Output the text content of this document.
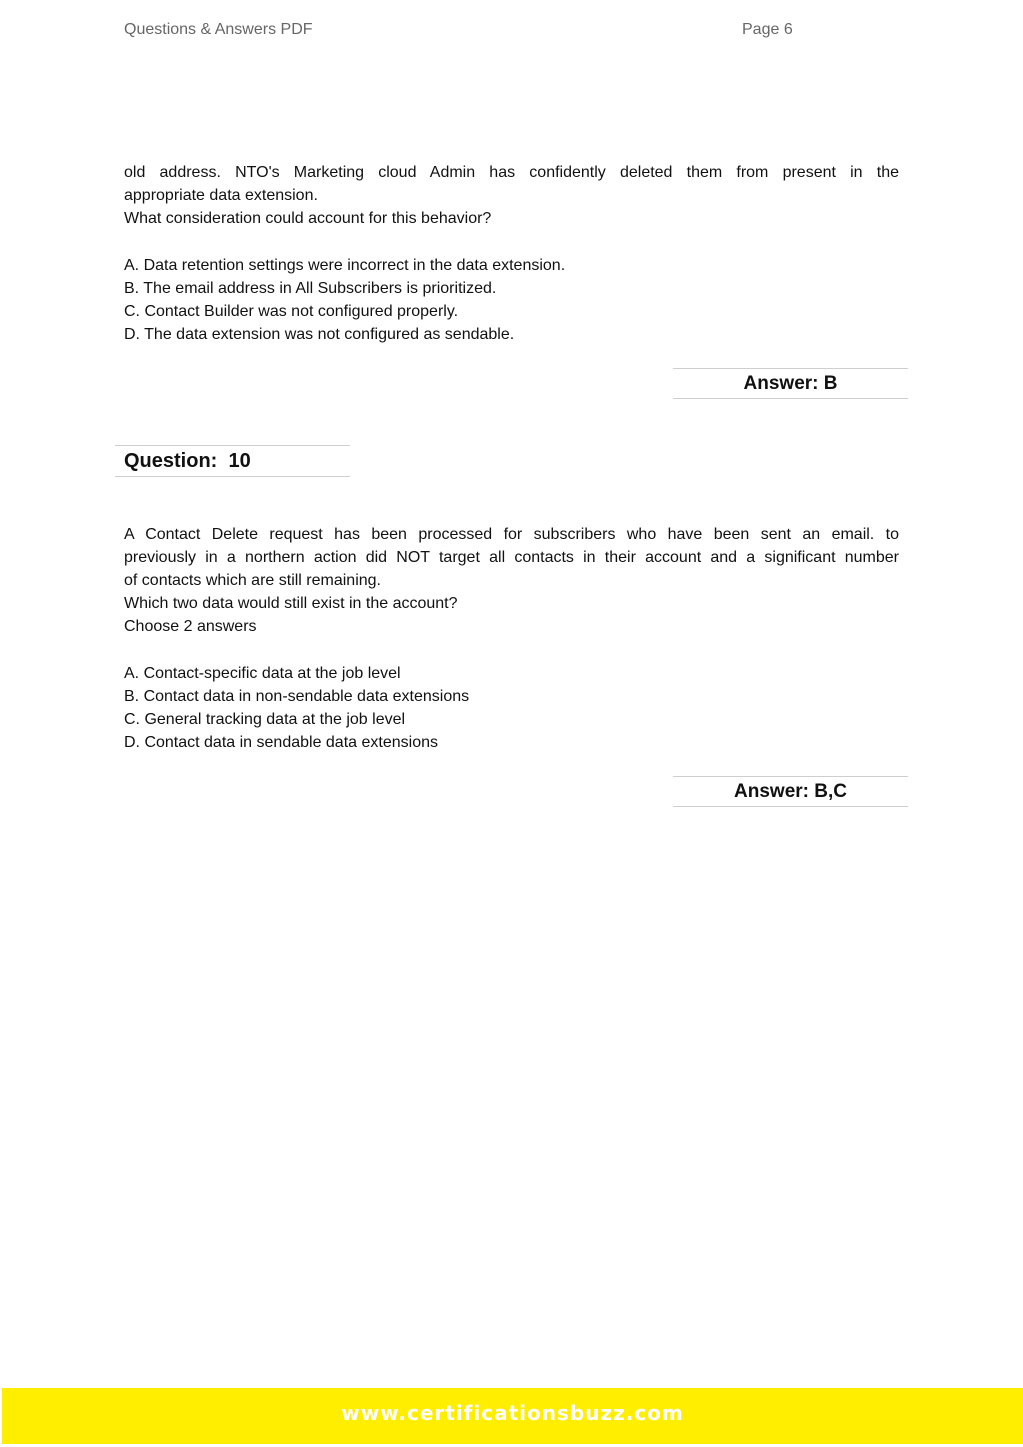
Questions & Answers PDF	Page 6
old address. NTO's Marketing cloud Admin has confidently deleted them from present in the
appropriate data extension.
What consideration could account for this behavior?
A. Data retention settings were incorrect in the data extension.
B. The email address in All Subscribers is prioritized.
C. Contact Builder was not configured properly.
D. The data extension was not configured as sendable.
Answer: B
Question:  10
A Contact Delete request has been processed for subscribers who have been sent an email. to
previously in a northern action did NOT target all contacts in their account and a significant number
of contacts which are still remaining.
Which two data would still exist in the account?
Choose 2 answers
A. Contact-specific data at the job level
B. Contact data in non-sendable data extensions
C. General tracking data at the job level
D. Contact data in sendable data extensions
Answer: B,C
www.certificationsbuzz.com
